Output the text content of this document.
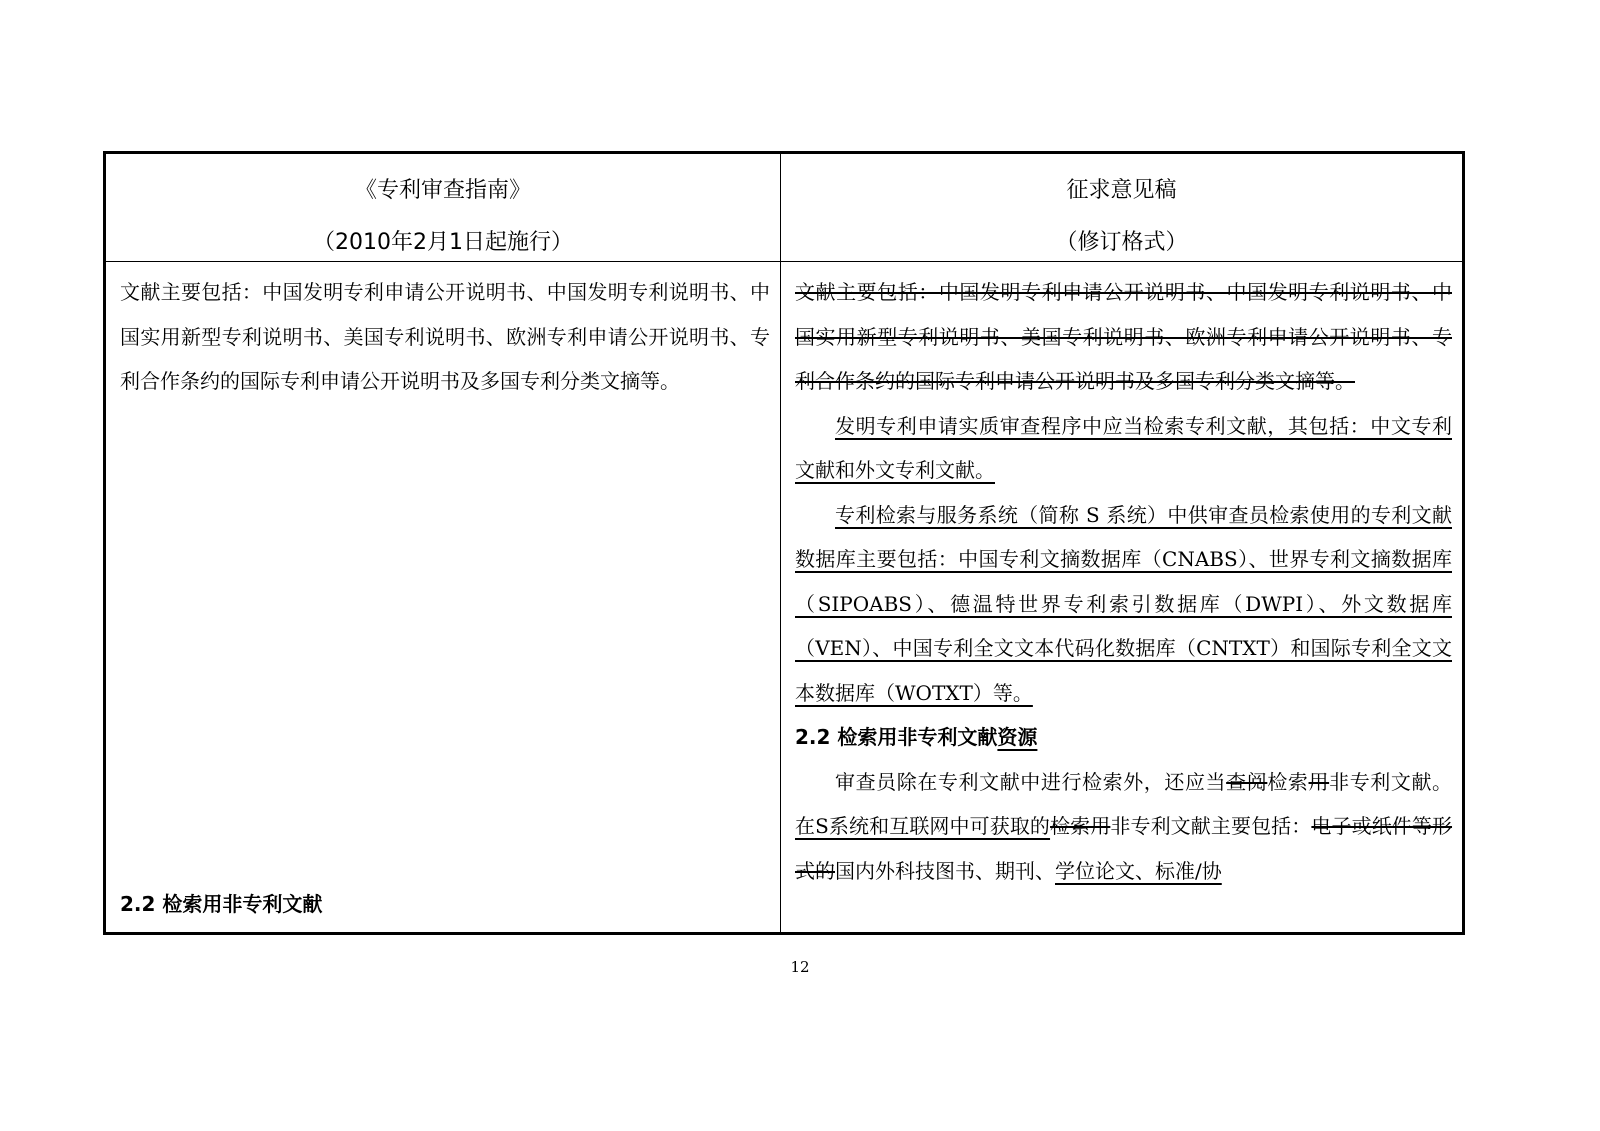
《专利审查指南》
（2010年2月1日起施行）

文献主要包括：中国发明专利申请公开说明书、中国发明专利说明书、中国实用新型专利说明书、美国专利说明书、欧洲专利申请公开说明书、专利合作条约的国际专利申请公开说明书及多国专利分类文摘等。

2.2 检索用非专利文献
征求意见稿
（修订格式）

文献主要包括：中国发明专利申请公开说明书、中国发明专利说明书、中国实用新型专利说明书、美国专利说明书、欧洲专利申请公开说明书、专利合作条约的国际专利申请公开说明书及多国专利分类文摘等。

发明专利申请实质审查程序中应当检索专利文献，其包括：中文专利文献和外文专利文献。

专利检索与服务系统（简称 S 系统）中供审查员检索使用的专利文献数据库主要包括：中国专利文摘数据库（CNABS）、世界专利文摘数据库（SIPOABS）、德温特世界专利索引数据库（DWPI）、外文数据库（VEN）、中国专利全文文本代码化数据库（CNTXT）和国际专利全文文本数据库（WOTXT）等。

2.2 检索用非专利文献资源

审查员除在专利文献中进行检索外，还应当查阅检索用非专利文献。在S系统和互联网中可获取的检索用非专利文献主要包括：电子或纸件等形式的国内外科技图书、期刊、学位论文、标准/协

12
